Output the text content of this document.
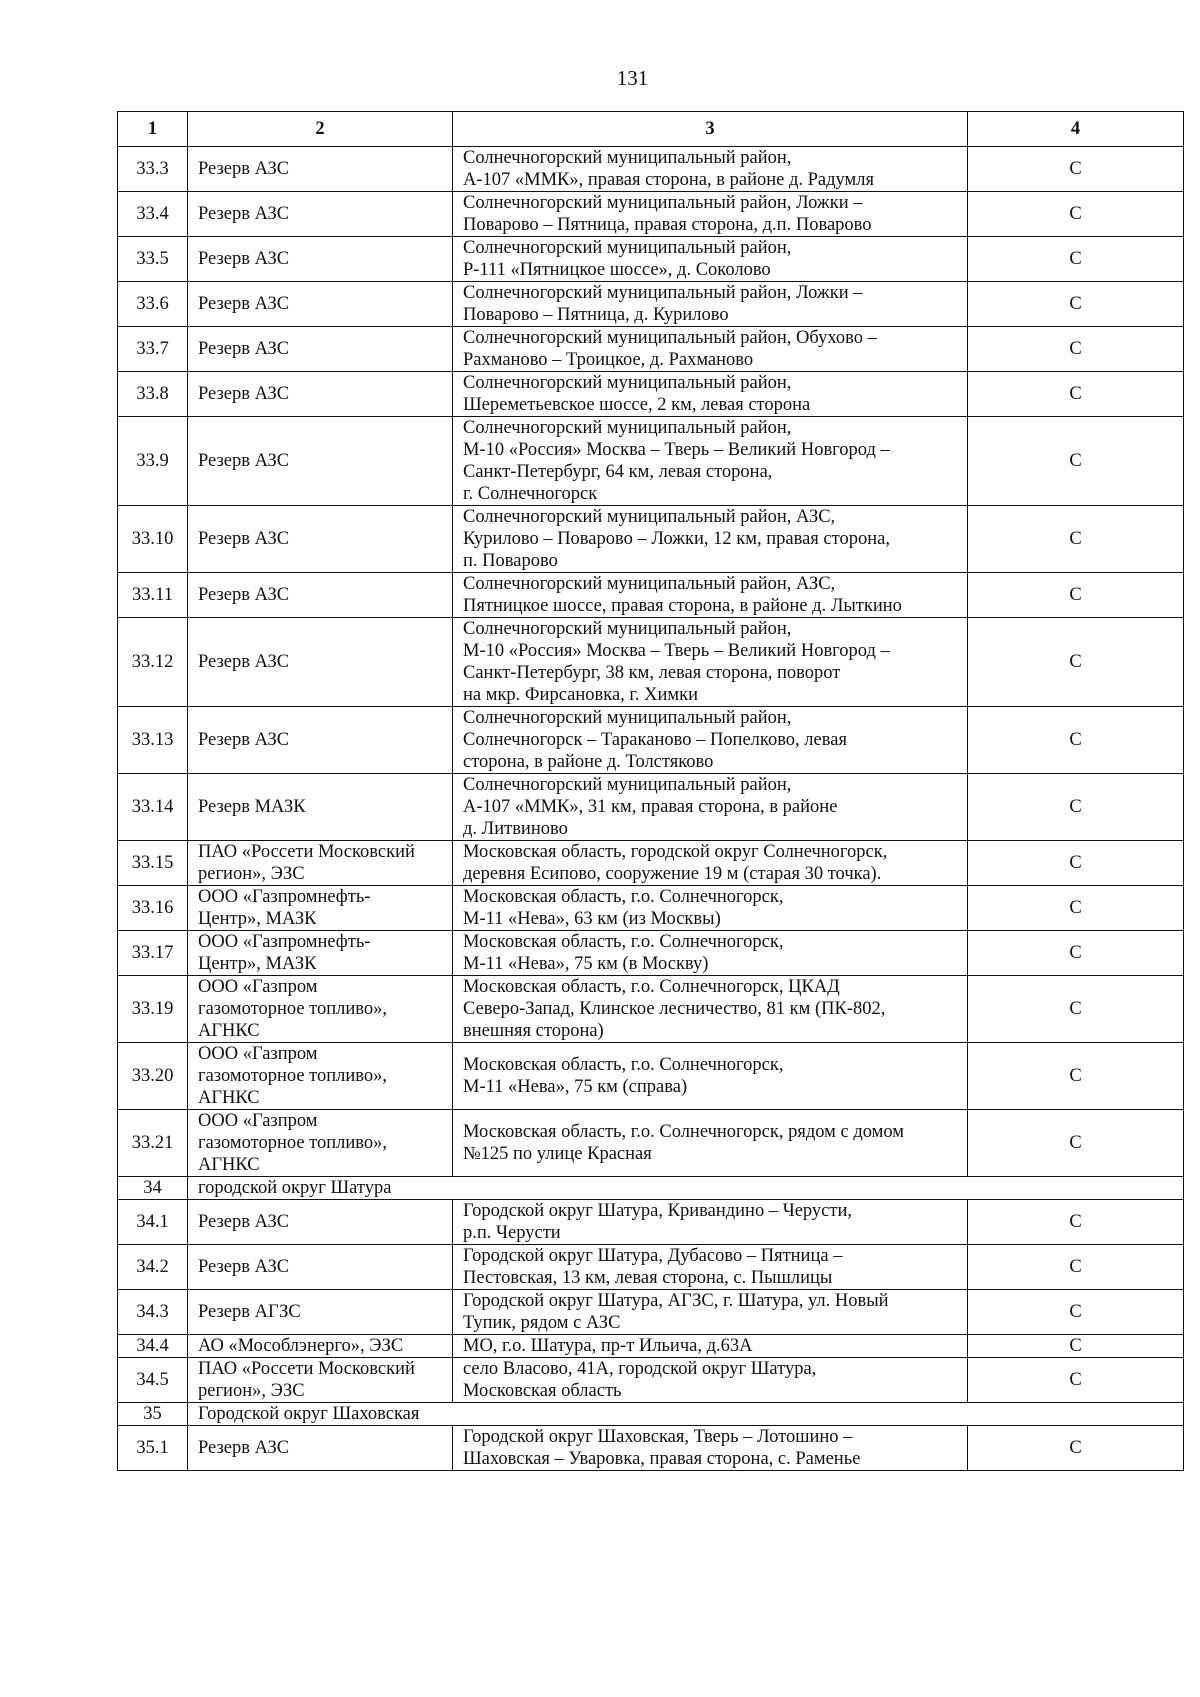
131
1	2	3	4
33.3	Резерв АЗС	Солнечногорский муниципальный район,
А-107 «ММК», правая сторона, в районе д. Радумля	С
33.4	Резерв АЗС	Солнечногорский муниципальный район, Ложки –
Поварово – Пятница, правая сторона, д.п. Поварово	С
33.5	Резерв АЗС	Солнечногорский муниципальный район,
Р-111 «Пятницкое шоссе», д. Соколово	С
33.6	Резерв АЗС	Солнечногорский муниципальный район, Ложки –
Поварово – Пятница, д. Курилово	С
33.7	Резерв АЗС	Солнечногорский муниципальный район, Обухово –
Рахманово – Троицкое, д. Рахманово	С
33.8	Резерв АЗС	Солнечногорский муниципальный район,
Шереметьевское шоссе, 2 км, левая сторона	С
33.9	Резерв АЗС	Солнечногорский муниципальный район,
М-10 «Россия» Москва – Тверь – Великий Новгород –
Санкт-Петербург, 64 км, левая сторона,
г. Солнечногорск	С
33.10	Резерв АЗС	Солнечногорский муниципальный район, АЗС,
Курилово – Поварово – Ложки, 12 км, правая сторона,
п. Поварово	С
33.11	Резерв АЗС	Солнечногорский муниципальный район, АЗС,
Пятницкое шоссе, правая сторона, в районе д. Лыткино	С
33.12	Резерв АЗС	Солнечногорский муниципальный район,
М-10 «Россия» Москва – Тверь – Великий Новгород –
Санкт-Петербург, 38 км, левая сторона, поворот
на мкр. Фирсановка, г. Химки	С
33.13	Резерв АЗС	Солнечногорский муниципальный район,
Солнечногорск – Тараканово – Попелково, левая
сторона, в районе д. Толстяково	С
33.14	Резерв МАЗК	Солнечногорский муниципальный район,
А-107 «ММК», 31 км, правая сторона, в районе
д. Литвиново	С
33.15	ПАО «Россети Московский
регион», ЭЗС	Московская область, городской округ Солнечногорск,
деревня Есипово, сооружение 19 м (старая 30 точка).	С
33.16	ООО «Газпромнефть-
Центр», МАЗК	Московская область, г.о. Солнечногорск,
М-11 «Нева», 63 км (из Москвы)	С
33.17	ООО «Газпромнефть-
Центр», МАЗК	Московская область, г.о. Солнечногорск,
М-11 «Нева», 75 км (в Москву)	С
33.19	ООО «Газпром
газомоторное топливо»,
АГНКС	Московская область, г.о. Солнечногорск, ЦКАД
Северо-Запад, Клинское лесничество, 81 км (ПК-802,
внешняя сторона)	С
33.20	ООО «Газпром
газомоторное топливо»,
АГНКС	Московская область, г.о. Солнечногорск,
М-11 «Нева», 75 км (справа)	С
33.21	ООО «Газпром
газомоторное топливо»,
АГНКС	Московская область, г.о. Солнечногорск, рядом с домом
№125 по улице Красная	С
34	городской округ Шатура		
34.1	Резерв АЗС	Городской округ Шатура, Кривандино – Черусти,
р.п. Черусти	С
34.2	Резерв АЗС	Городской округ Шатура, Дубасово – Пятница –
Пестовская, 13 км, левая сторона, с. Пышлицы	С
34.3	Резерв АГЗС	Городской округ Шатура, АГЗС, г. Шатура, ул. Новый
Тупик, рядом с АЗС	С
34.4	АО «Мособлэнерго», ЭЗС	МО, г.о. Шатура, пр-т Ильича, д.63А	С
34.5	ПАО «Россети Московский
регион», ЭЗС	село Власово, 41А, городской округ Шатура,
Московская область	С
35	Городской округ Шаховская		
35.1	Резерв АЗС	Городской округ Шаховская, Тверь – Лотошино –
Шаховская – Уваровка, правая сторона, с. Раменье	С
